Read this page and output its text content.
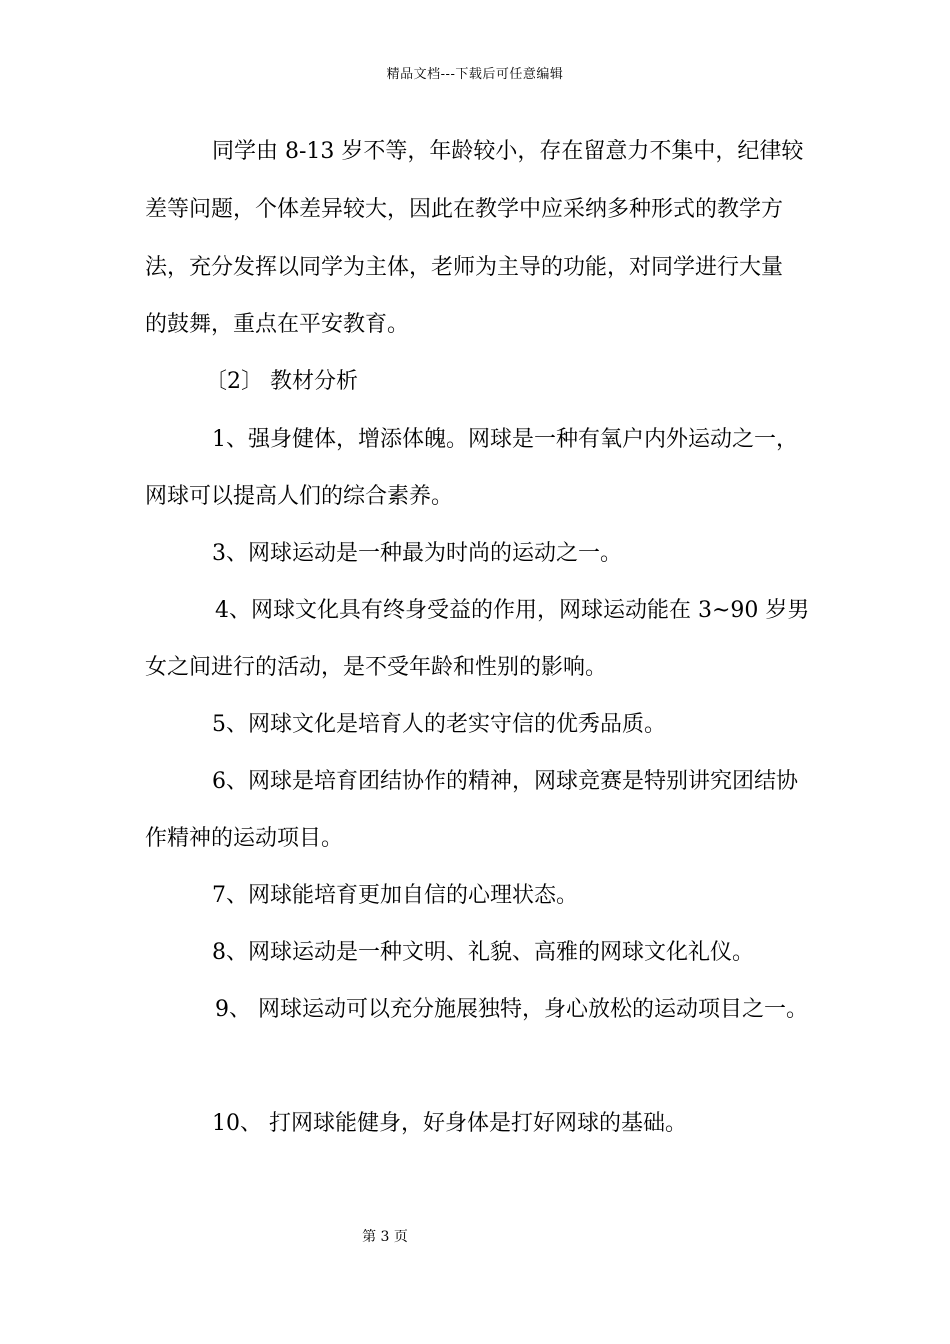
精品文档---下载后可任意编辑
同学由 8-13 岁不等，年龄较小，存在留意力不集中，纪律较
差等问题，个体差异较大，因此在教学中应采纳多种形式的教学方
法，充分发挥以同学为主体，老师为主导的功能，对同学进行大量
的鼓舞，重点在平安教育。
〔2〕 教材分析
1、强身健体，增添体魄。网球是一种有氧户内外运动之一，
网球可以提高人们的综合素养。
3、网球运动是一种最为时尚的运动之一。
4、网球文化具有终身受益的作用，网球运动能在 3~90 岁男
女之间进行的活动，是不受年龄和性别的影响。
5、网球文化是培育人的老实守信的优秀品质。
6、网球是培育团结协作的精神，网球竞赛是特别讲究团结协
作精神的运动项目。
7、网球能培育更加自信的心理状态。
8、网球运动是一种文明、礼貌、高雅的网球文化礼仪。
9、 网球运动可以充分施展独特，身心放松的运动项目之一。
10、 打网球能健身，好身体是打好网球的基础。
第 3 页
